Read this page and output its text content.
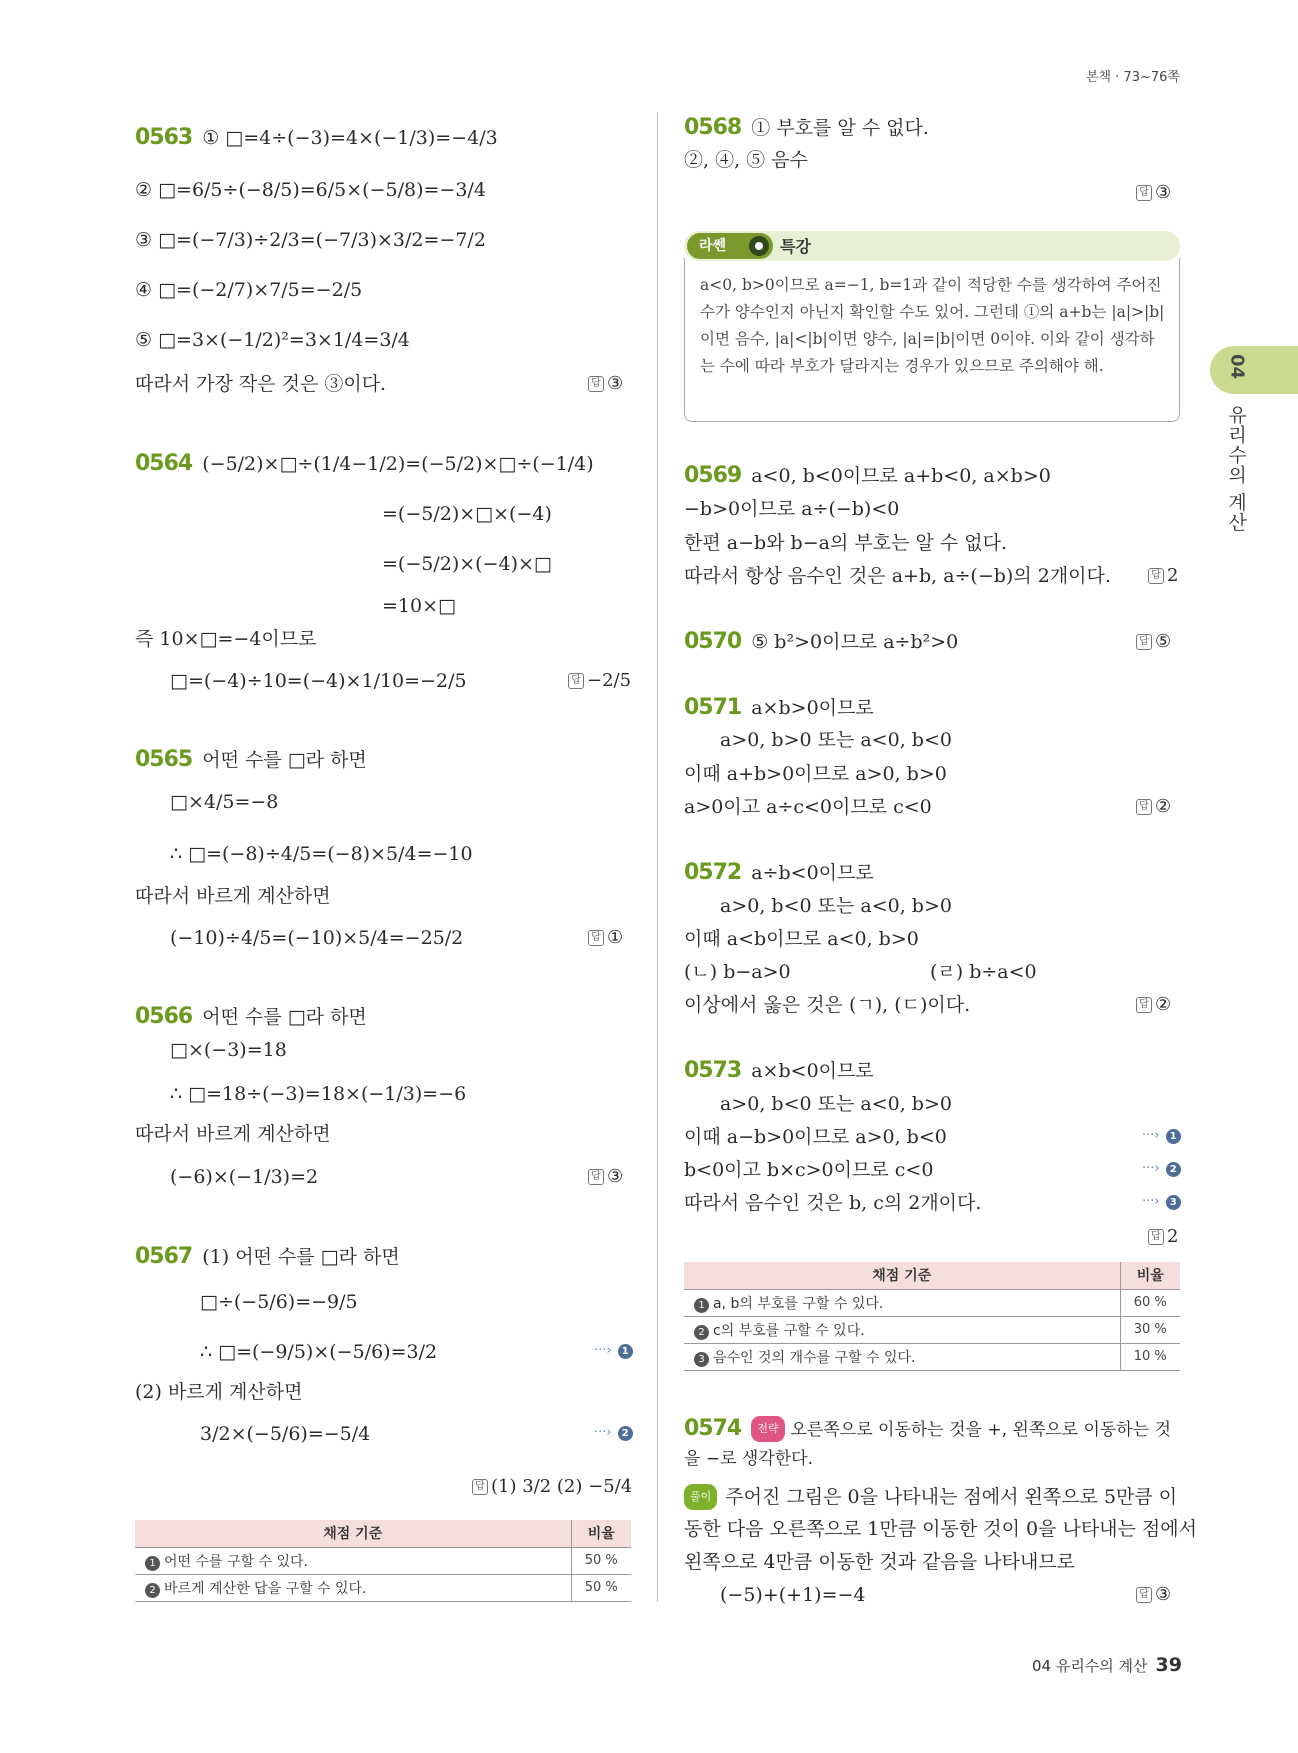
본책 · 73~76쪽
04
유리수의 계산
0563 ① □=4÷(−3)=4×(−1/3)=−4/3
② □=6/5÷(−8/5)=6/5×(−5/8)=−3/4
③ □=(−7/3)÷2/3=(−7/3)×3/2=−7/2
④ □=(−2/7)×7/5=−2/5
⑤ □=3×(−1/2)²=3×1/4=3/4
따라서 가장 작은 것은 ③이다.	답 ③
0564 (−5/2)×□÷(1/4−1/2)=(−5/2)×□÷(−1/4)
=(−5/2)×□×(−4)
=(−5/2)×(−4)×□
=10×□
즉 10×□=−4이므로
□=(−4)÷10=(−4)×1/10=−2/5	답 −2/5
0565 어떤 수를 □라 하면
□×4/5=−8
∴ □=(−8)÷4/5=(−8)×5/4=−10
따라서 바르게 계산하면
(−10)÷4/5=(−10)×5/4=−25/2	답 ①
0566 어떤 수를 □라 하면
□×(−3)=18
∴ □=18÷(−3)=18×(−1/3)=−6
따라서 바르게 계산하면
(−6)×(−1/3)=2	답 ③
0567 (1) 어떤 수를 □라 하면
□÷(−5/6)=−9/5
∴ □=(−9/5)×(−5/6)=3/2	···› 1
(2) 바르게 계산하면
3/2×(−5/6)=−5/4	···› 2
답 (1) 3/2 (2) −5/4
채점 기준	비율
1 어떤 수를 구할 수 있다.	50 %
2 바르게 계산한 답을 구할 수 있다.	50 %
0568 ① 부호를 알 수 없다.
②, ④, ⑤ 음수
답 ③
라쎈	특강
a<0, b>0이므로 a=−1, b=1과 같이 적당한 수를 생각하여 주어진 수가 양수인지 아닌지 확인할 수도 있어. 그런데 ①의 a+b는 |a|>|b|이면 음수, |a|<|b|이면 양수, |a|=|b|이면 0이야. 이와 같이 생각하는 수에 따라 부호가 달라지는 경우가 있으므로 주의해야 해.
0569 a<0, b<0이므로 a+b<0, a×b>0
−b>0이므로 a÷(−b)<0
한편 a−b와 b−a의 부호는 알 수 없다.
따라서 항상 음수인 것은 a+b, a÷(−b)의 2개이다.	답 2
0570 ⑤ b²>0이므로 a÷b²>0	답 ⑤
0571 a×b>0이므로
a>0, b>0 또는 a<0, b<0
이때 a+b>0이므로 a>0, b>0
a>0이고 a÷c<0이므로 c<0	답 ②
0572 a÷b<0이므로
a>0, b<0 또는 a<0, b>0
이때 a<b이므로 a<0, b>0
(ㄴ) b−a>0	(ㄹ) b÷a<0
이상에서 옳은 것은 (ㄱ), (ㄷ)이다.	답 ②
0573 a×b<0이므로
a>0, b<0 또는 a<0, b>0
이때 a−b>0이므로 a>0, b<0	···› 1
b<0이고 b×c>0이므로 c<0	···› 2
따라서 음수인 것은 b, c의 2개이다.	···› 3
답 2
채점 기준	비율
1 a, b의 부호를 구할 수 있다.	60 %
2 c의 부호를 구할 수 있다.	30 %
3 음수인 것의 개수를 구할 수 있다.	10 %
0574 전략 오른쪽으로 이동하는 것을 +, 왼쪽으로 이동하는 것
을 −로 생각한다.
풀이 주어진 그림은 0을 나타내는 점에서 왼쪽으로 5만큼 이
동한 다음 오른쪽으로 1만큼 이동한 것이 0을 나타내는 점에서
왼쪽으로 4만큼 이동한 것과 같음을 나타내므로
(−5)+(+1)=−4	답 ③
04 유리수의 계산 39
